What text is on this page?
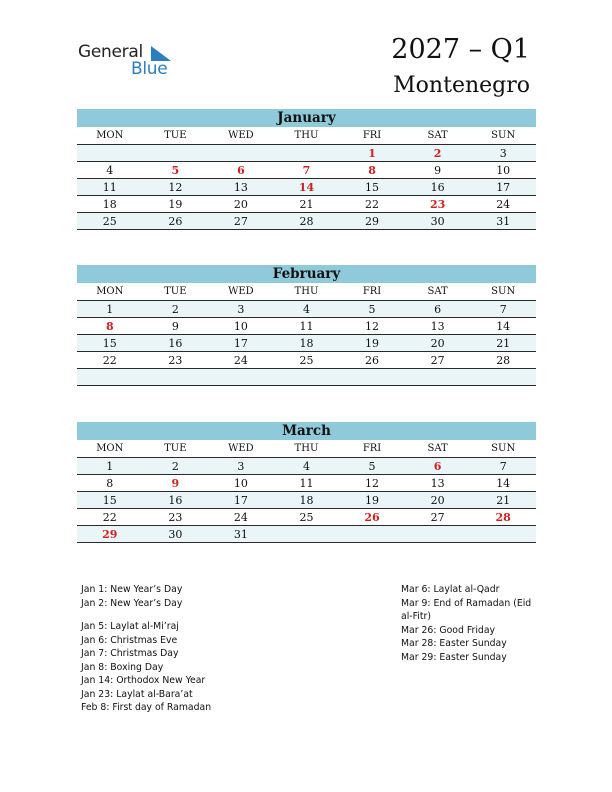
General
Blue
2027 – Q1
Montenegro
January
MON	TUE	WED	THU	FRI	SAT	SUN
				1	2	3
4	5	6	7	8	9	10
11	12	13	14	15	16	17
18	19	20	21	22	23	24
25	26	27	28	29	30	31
February
MON	TUE	WED	THU	FRI	SAT	SUN
1	2	3	4	5	6	7
8	9	10	11	12	13	14
15	16	17	18	19	20	21
22	23	24	25	26	27	28

March
MON	TUE	WED	THU	FRI	SAT	SUN
1	2	3	4	5	6	7
8	9	10	11	12	13	14
15	16	17	18	19	20	21
22	23	24	25	26	27	28
29	30	31				
Jan 1: New Year’s Day
Jan 2: New Year’s Day
Jan 5: Laylat al-Mi’raj
Jan 6: Christmas Eve
Jan 7: Christmas Day
Jan 8: Boxing Day
Jan 14: Orthodox New Year
Jan 23: Laylat al-Bara’at
Feb 8: First day of Ramadan
Mar 6: Laylat al-Qadr
Mar 9: End of Ramadan (Eid al-Fitr)
Mar 26: Good Friday
Mar 28: Easter Sunday
Mar 29: Easter Sunday
